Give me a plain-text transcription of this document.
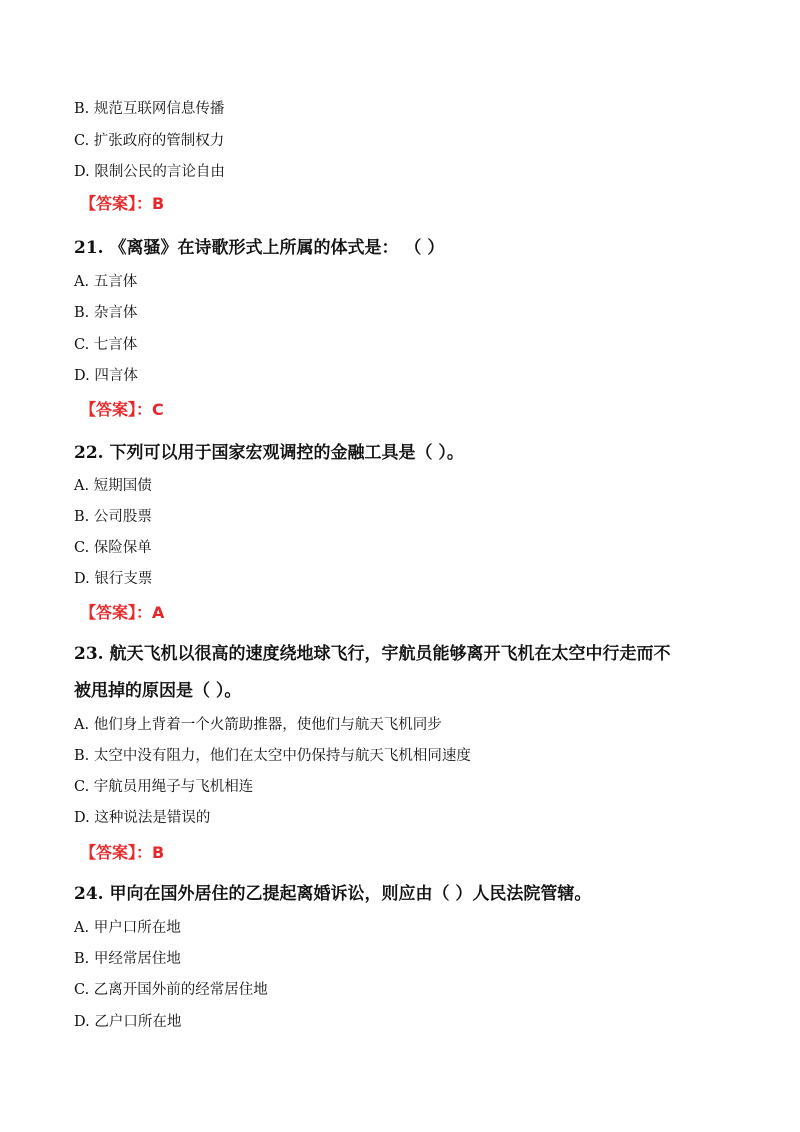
B. 规范互联网信息传播
C. 扩张政府的管制权力
D. 限制公民的言论自由
【答案】：B
21. 《离骚》在诗歌形式上所属的体式是： （ ）
A. 五言体
B. 杂言体
C. 七言体
D. 四言体
【答案】：C
22. 下列可以用于国家宏观调控的金融工具是（ ）。
A. 短期国债
B. 公司股票
C. 保险保单
D. 银行支票
【答案】：A
23. 航天飞机以很高的速度绕地球飞行，宇航员能够离开飞机在太空中行走而不
被甩掉的原因是（ ）。
A. 他们身上背着一个火箭助推器，使他们与航天飞机同步
B. 太空中没有阻力，他们在太空中仍保持与航天飞机相同速度
C. 宇航员用绳子与飞机相连
D. 这种说法是错误的
【答案】：B
24. 甲向在国外居住的乙提起离婚诉讼，则应由（ ）人民法院管辖。
A. 甲户口所在地
B. 甲经常居住地
C. 乙离开国外前的经常居住地
D. 乙户口所在地
